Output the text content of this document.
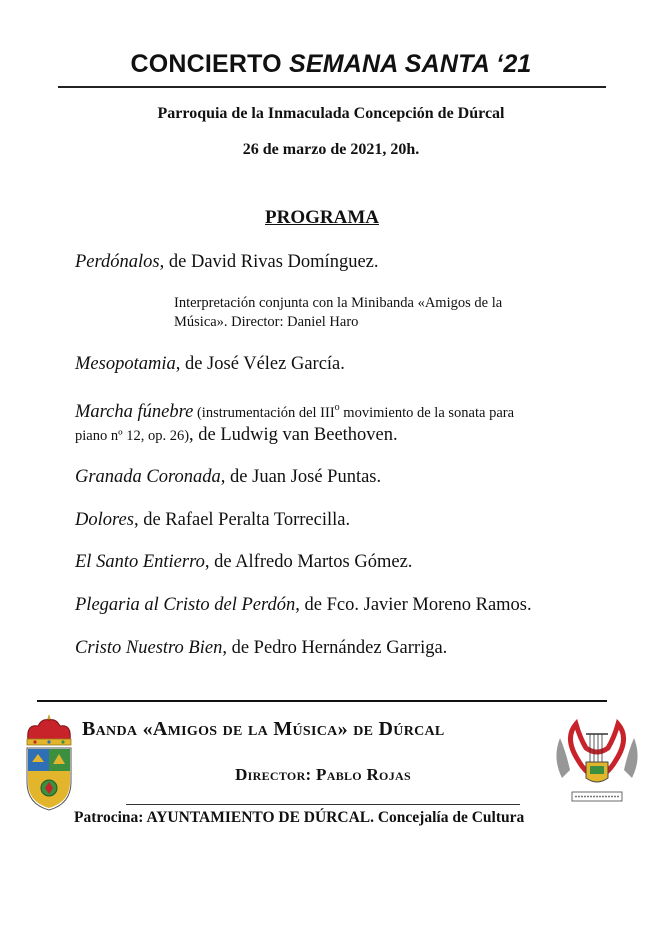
CONCIERTO SEMANA SANTA ‘21
Parroquia de la Inmaculada Concepción de Dúrcal
26 de marzo de 2021, 20h.
PROGRAMA
Perdónalos, de David Rivas Domínguez.
Interpretación conjunta con la Minibanda «Amigos de la
Música». Director: Daniel Haro
Mesopotamia, de José Vélez García.
Marcha fúnebre (instrumentación del III$^o$ movimiento de la sonata para
piano nº 12, op. 26), de Ludwig van Beethoven.
Granada Coronada, de Juan José Puntas.
Dolores, de Rafael Peralta Torrecilla.
El Santo Entierro, de Alfredo Martos Gómez.
Plegaria al Cristo del Perdón, de Fco. Javier Moreno Ramos.
Cristo Nuestro Bien, de Pedro Hernández Garriga.
Banda «Amigos de la Música» de Dúrcal
Director: Pablo Rojas
Patrocina: AYUNTAMIENTO DE DÚRCAL. Concejalía de Cultura
